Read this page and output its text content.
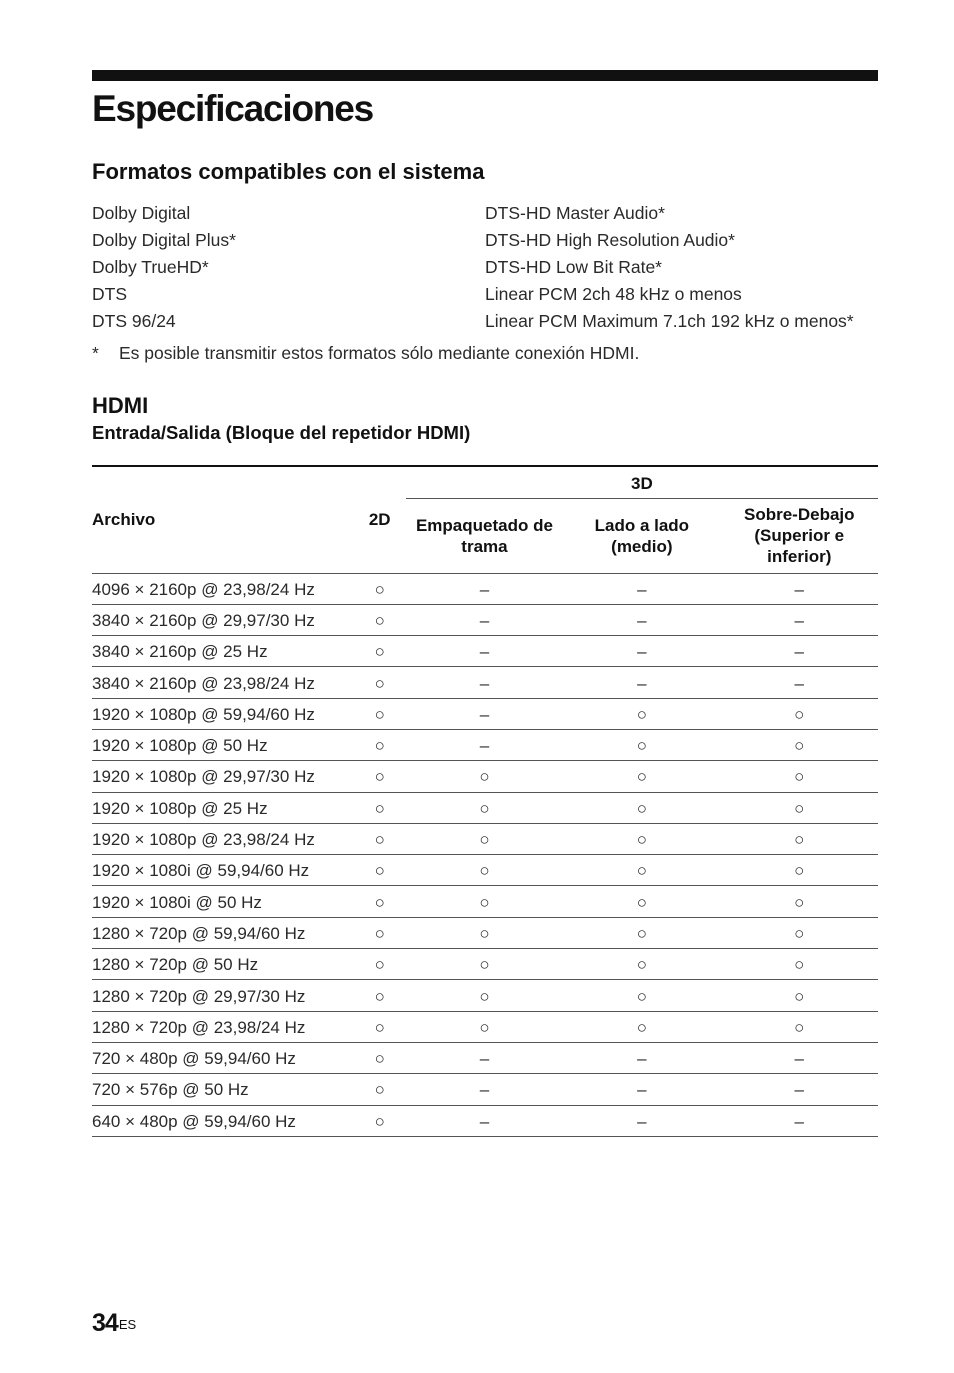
Especificaciones
Formatos compatibles con el sistema
Dolby Digital
Dolby Digital Plus*
Dolby TrueHD*
DTS
DTS 96/24
DTS-HD Master Audio*
DTS-HD High Resolution Audio*
DTS-HD Low Bit Rate*
Linear PCM 2ch 48 kHz o menos
Linear PCM Maximum 7.1ch 192 kHz o menos*

* Es posible transmitir estos formatos sólo mediante conexión HDMI.

HDMI
Entrada/Salida (Bloque del repetidor HDMI)
Archivo	2D	3D		
		Empaquetado de trama	Lado a lado (medio)	Sobre-Debajo (Superior e inferior)
4096 × 2160p @ 23,98/24 Hz	○	–	–	–
3840 × 2160p @ 29,97/30 Hz	○	–	–	–
3840 × 2160p @ 25 Hz	○	–	–	–
3840 × 2160p @ 23,98/24 Hz	○	–	–	–
1920 × 1080p @ 59,94/60 Hz	○	–	○	○
1920 × 1080p @ 50 Hz	○	–	○	○
1920 × 1080p @ 29,97/30 Hz	○	○	○	○
1920 × 1080p @ 25 Hz	○	○	○	○
1920 × 1080p @ 23,98/24 Hz	○	○	○	○
1920 × 1080i @ 59,94/60 Hz	○	○	○	○
1920 × 1080i @ 50 Hz	○	○	○	○
1280 × 720p @ 59,94/60 Hz	○	○	○	○
1280 × 720p @ 50 Hz	○	○	○	○
1280 × 720p @ 29,97/30 Hz	○	○	○	○
1280 × 720p @ 23,98/24 Hz	○	○	○	○
720 × 480p @ 59,94/60 Hz	○	–	–	–
720 × 576p @ 50 Hz	○	–	–	–
640 × 480p @ 59,94/60 Hz	○	–	–	–
$34^{ES}$
